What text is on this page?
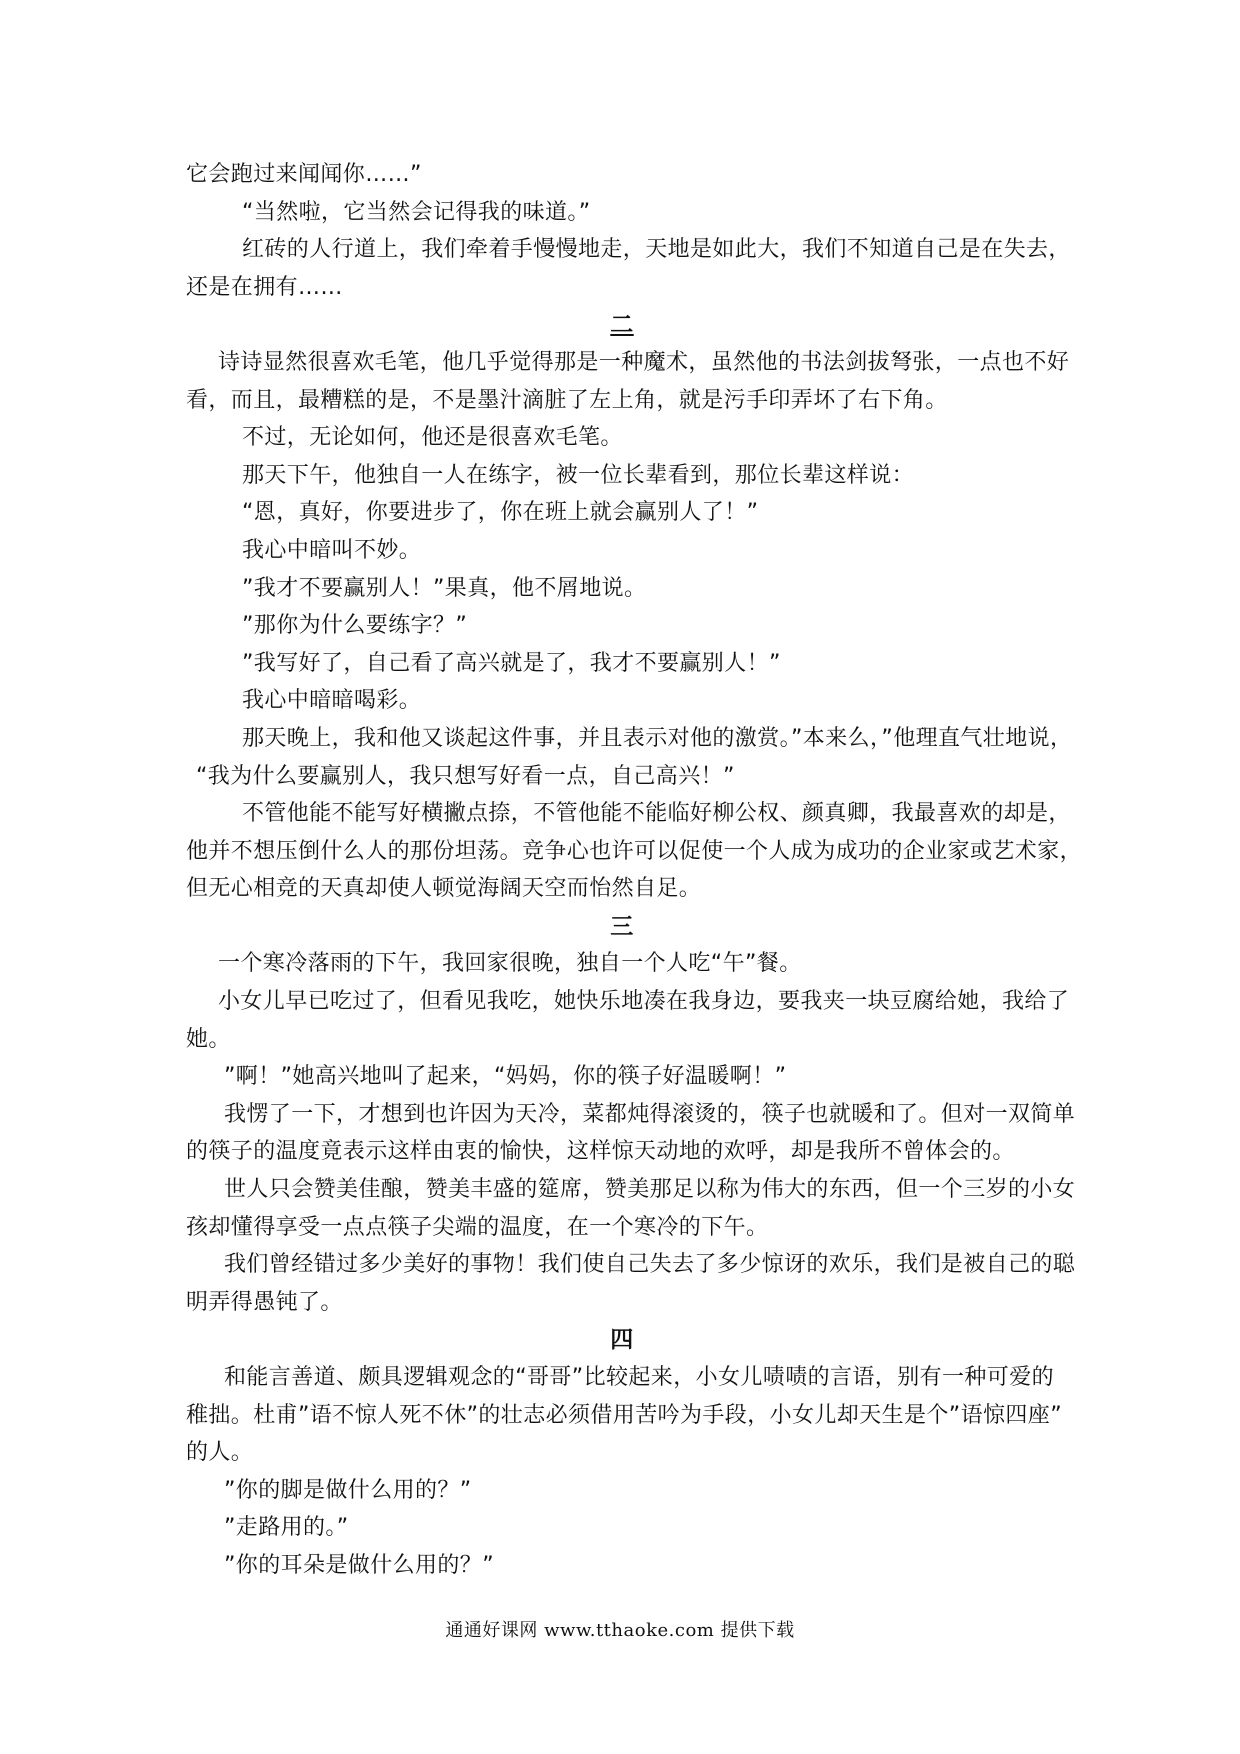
它会跑过来闻闻你……”
“当然啦，它当然会记得我的味道。”
红砖的人行道上，我们牵着手慢慢地走，天地是如此大，我们不知道自己是在失去，
还是在拥有……
二
诗诗显然很喜欢毛笔，他几乎觉得那是一种魔术，虽然他的书法剑拔弩张，一点也不好
看，而且，最糟糕的是，不是墨汁滴脏了左上角，就是污手印弄坏了右下角。
不过，无论如何，他还是很喜欢毛笔。
那天下午，他独自一人在练字，被一位长辈看到，那位长辈这样说：
“恩，真好，你要进步了，你在班上就会赢别人了！”
我心中暗叫不妙。
”我才不要赢别人！”果真，他不屑地说。
”那你为什么要练字？”
”我写好了，自己看了高兴就是了，我才不要赢别人！”
我心中暗暗喝彩。
那天晚上，我和他又谈起这件事，并且表示对他的激赏。”本来么，”他理直气壮地说，
“我为什么要赢别人，我只想写好看一点，自己高兴！”
不管他能不能写好横撇点捺，不管他能不能临好柳公权、颜真卿，我最喜欢的却是，
他并不想压倒什么人的那份坦荡。竞争心也许可以促使一个人成为成功的企业家或艺术家，
但无心相竞的天真却使人顿觉海阔天空而怡然自足。
三
一个寒冷落雨的下午，我回家很晚，独自一个人吃“午”餐。
小女儿早已吃过了，但看见我吃，她快乐地凑在我身边，要我夹一块豆腐给她，我给了
她。
”啊！”她高兴地叫了起来，“妈妈，你的筷子好温暖啊！”
我愣了一下，才想到也许因为天冷，菜都炖得滚烫的，筷子也就暖和了。但对一双简单
的筷子的温度竟表示这样由衷的愉快，这样惊天动地的欢呼，却是我所不曾体会的。
世人只会赞美佳酿，赞美丰盛的筵席，赞美那足以称为伟大的东西，但一个三岁的小女
孩却懂得享受一点点筷子尖端的温度，在一个寒冷的下午。
我们曾经错过多少美好的事物！我们使自己失去了多少惊讶的欢乐，我们是被自己的聪
明弄得愚钝了。
四
和能言善道、颇具逻辑观念的“哥哥”比较起来，小女儿啧啧的言语，别有一种可爱的
稚拙。杜甫”语不惊人死不休”的壮志必须借用苦吟为手段，小女儿却天生是个”语惊四座”
的人。
”你的脚是做什么用的？”
”走路用的。”
”你的耳朵是做什么用的？”
通通好课网 www.tthaoke.com 提供下载
